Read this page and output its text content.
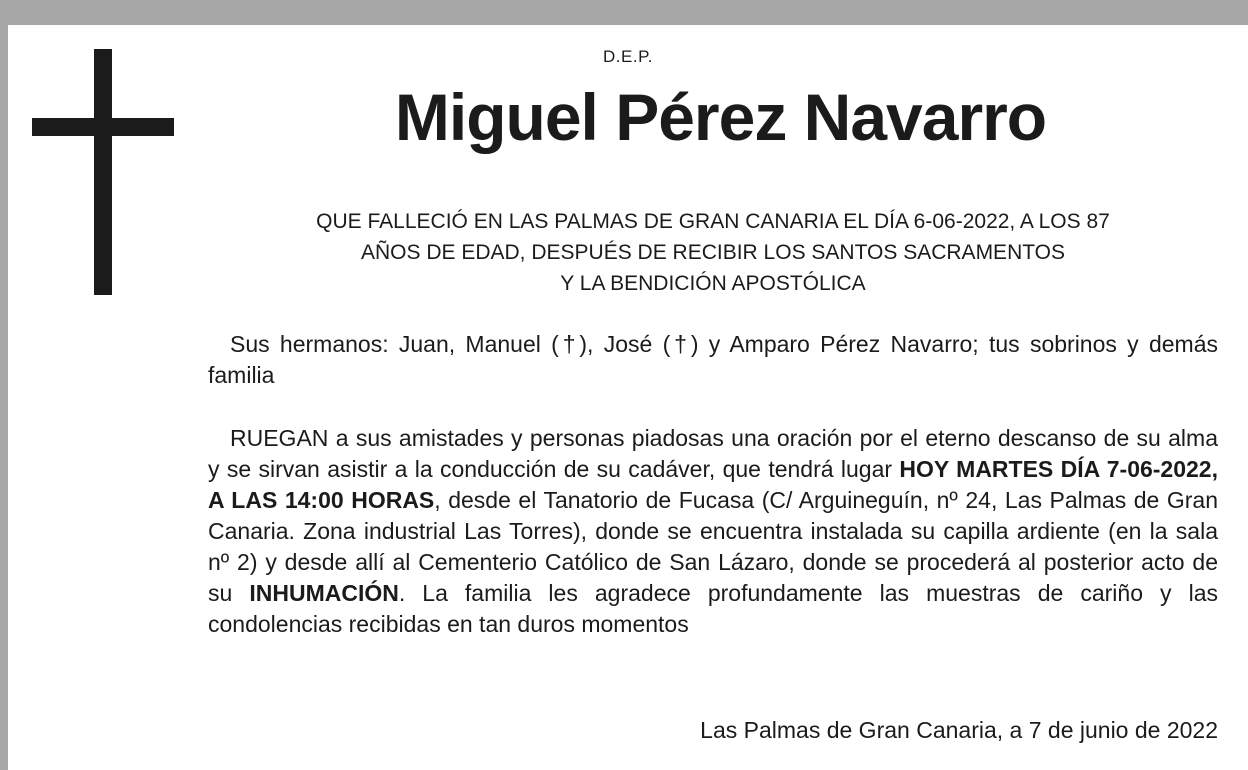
D.E.P.
Miguel Pérez Navarro
QUE FALLECIÓ EN LAS PALMAS DE GRAN CANARIA EL DÍA 6-06-2022, A LOS 87
AÑOS DE EDAD, DESPUÉS DE RECIBIR LOS SANTOS SACRAMENTOS
Y LA BENDICIÓN APOSTÓLICA

Sus hermanos: Juan, Manuel (†), José (†) y Amparo Pérez Navarro; tus sobrinos y demás familia

RUEGAN a sus amistades y personas piadosas una oración por el eterno descanso de su alma y se sirvan asistir a la conducción de su cadáver, que tendrá lugar HOY MARTES DÍA 7-06-2022, A LAS 14:00 HORAS, desde el Tanatorio de Fucasa (C/ Arguineguín, nº 24, Las Palmas de Gran Canaria. Zona industrial Las Torres), donde se encuentra instalada su capilla ardiente (en la sala nº 2) y desde allí al Cementerio Católico de San Lázaro, donde se procederá al posterior acto de su INHUMACIÓN. La familia les agradece profundamente las muestras de cariño y las condolencias recibidas en tan duros momentos

Las Palmas de Gran Canaria, a 7 de junio de 2022
